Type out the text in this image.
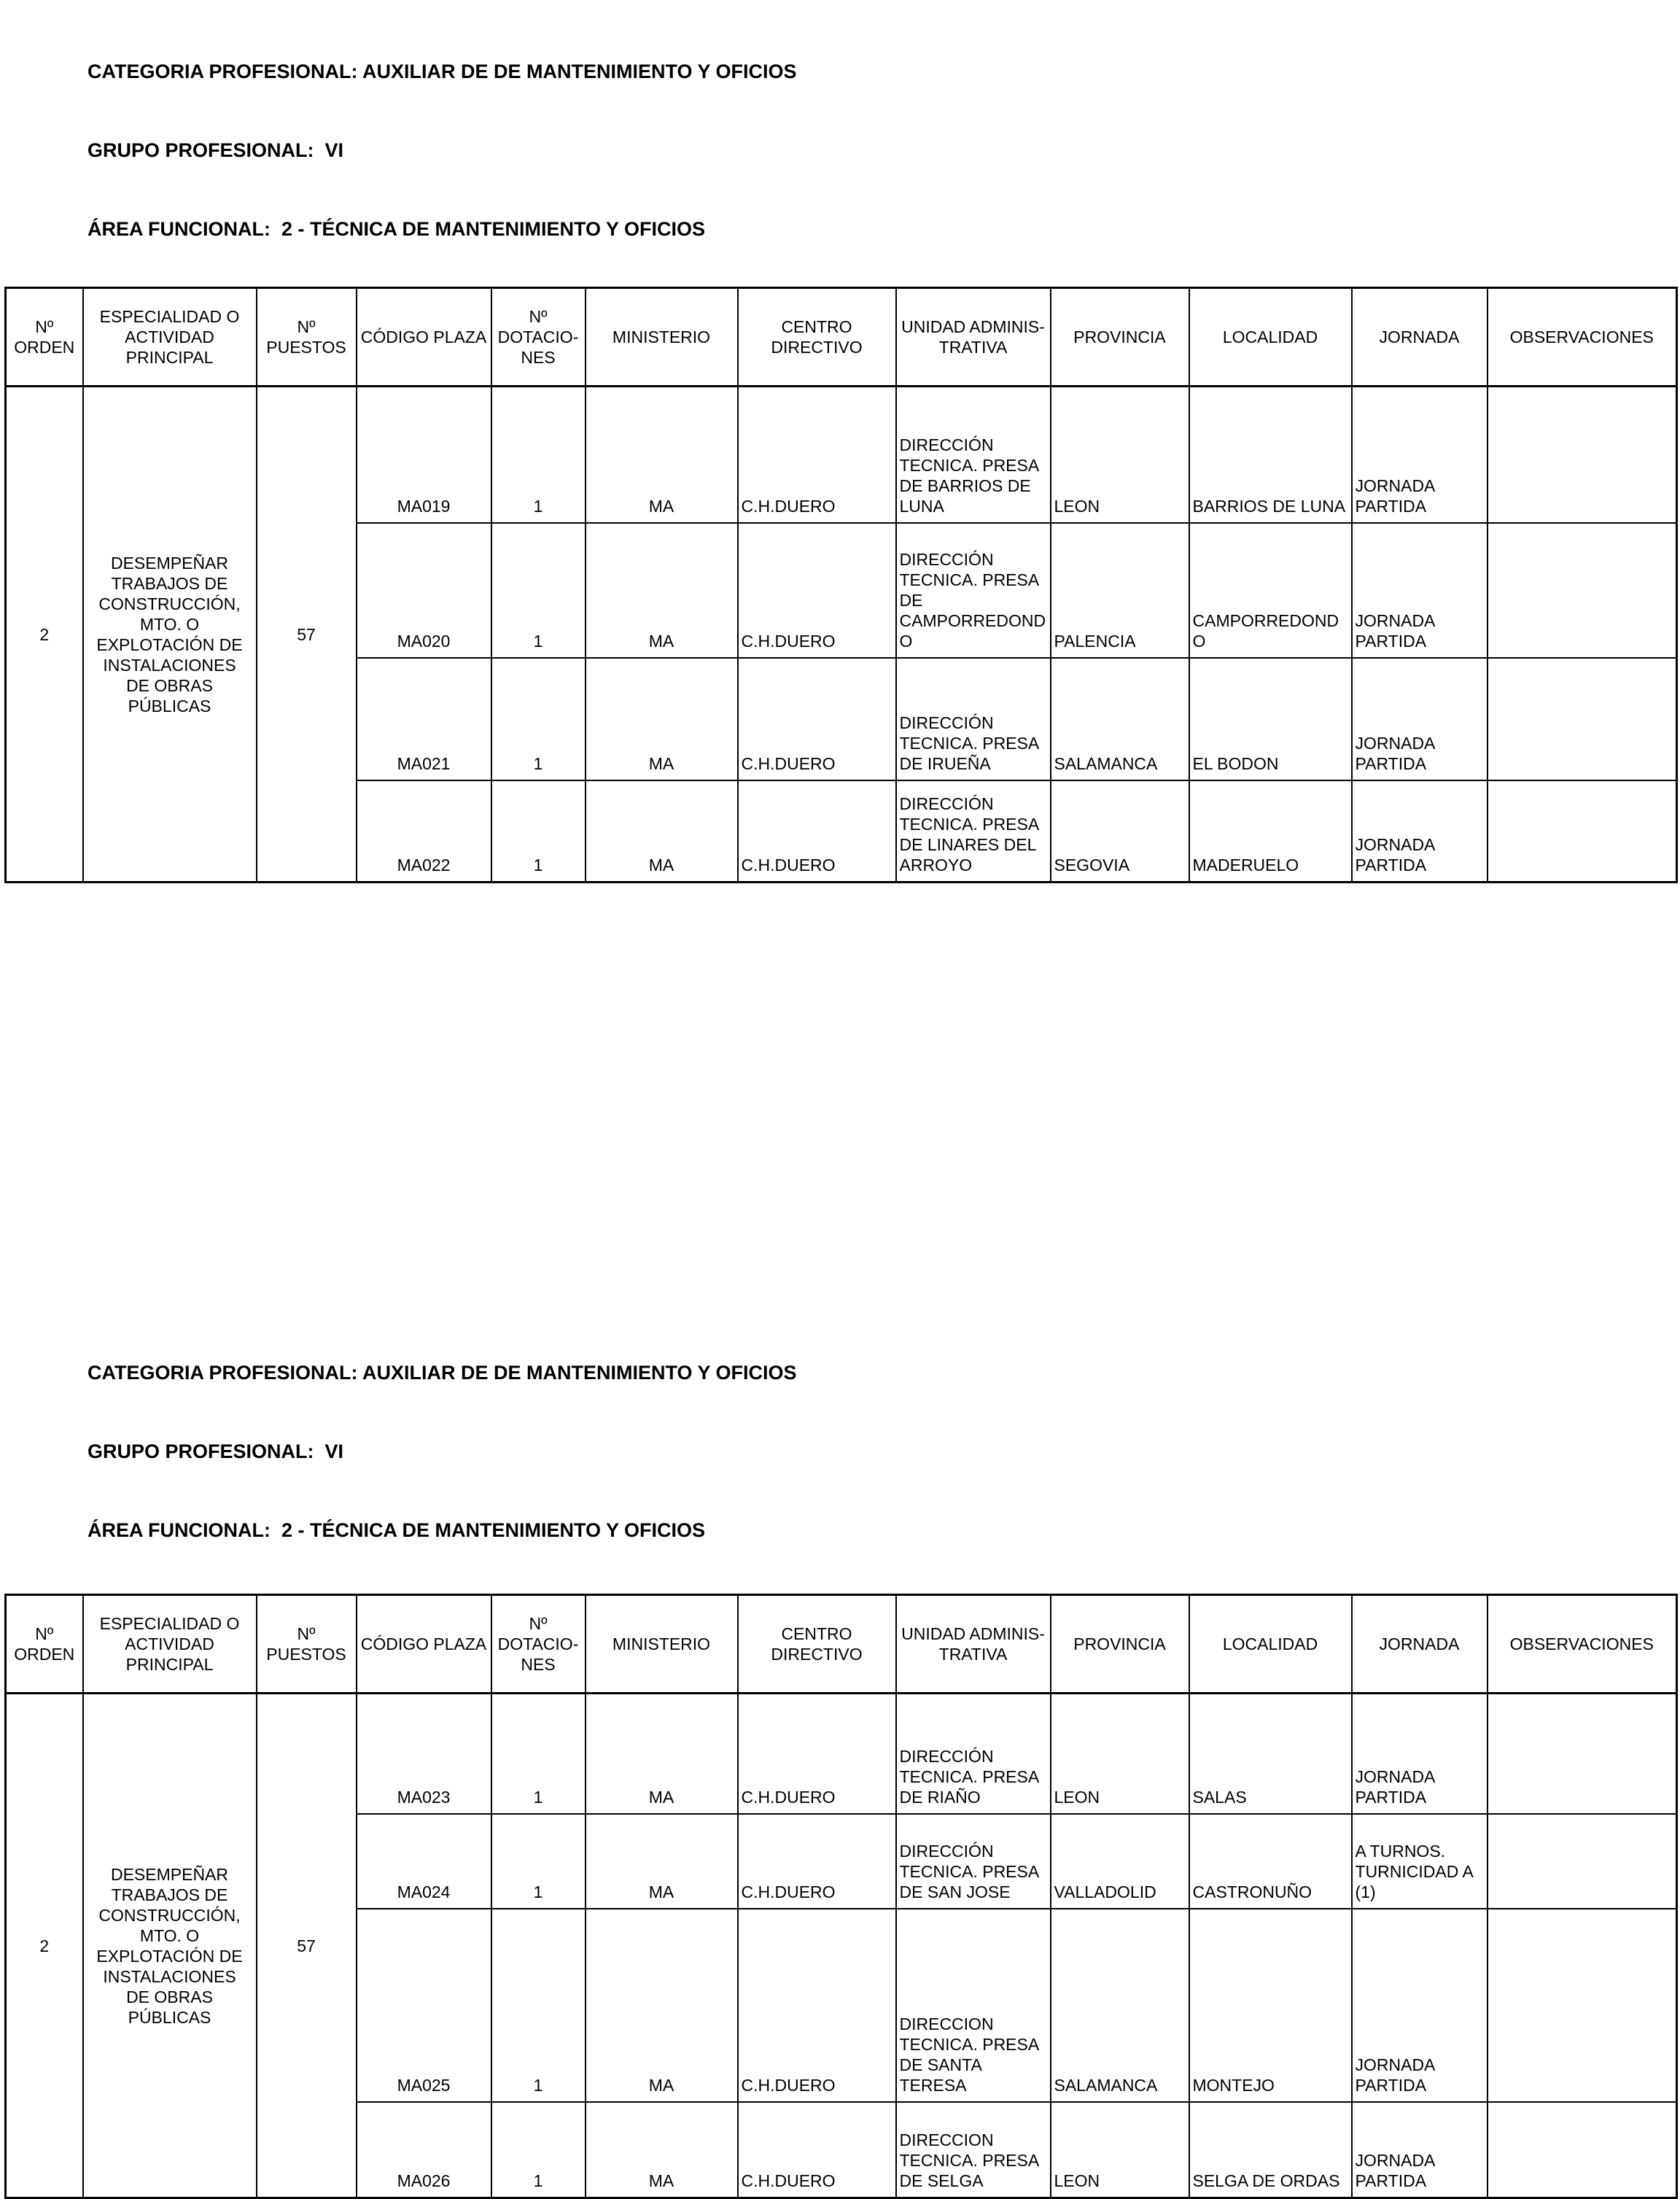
CATEGORIA PROFESIONAL: AUXILIAR DE DE MANTENIMIENTO Y OFICIOS

GRUPO PROFESIONAL:  VI

ÁREA FUNCIONAL:  2 - TÉCNICA DE MANTENIMIENTO Y OFICIOS

Nº ORDEN	ESPECIALIDAD O ACTIVIDAD PRINCIPAL	Nº PUESTOS	CÓDIGO PLAZA	Nº DOTACIO-NES	MINISTERIO	CENTRO DIRECTIVO	UNIDAD ADMINIS-TRATIVA	PROVINCIA	LOCALIDAD	JORNADA	OBSERVACIONES
2	DESEMPEÑAR TRABAJOS DE CONSTRUCCIÓN, MTO. O EXPLOTACIÓN DE INSTALACIONES DE OBRAS PÚBLICAS	57	MA019	1	MA	C.H.DUERO	DIRECCIÓN TECNICA. PRESA DE BARRIOS DE LUNA	LEON	BARRIOS DE LUNA	JORNADA PARTIDA	
			MA020	1	MA	C.H.DUERO	DIRECCIÓN TECNICA. PRESA DE CAMPORREDONDO	PALENCIA	CAMPORREDONDO	JORNADA PARTIDA	
			MA021	1	MA	C.H.DUERO	DIRECCIÓN TECNICA. PRESA DE IRUEÑA	SALAMANCA	EL BODON	JORNADA PARTIDA	
			MA022	1	MA	C.H.DUERO	DIRECCIÓN TECNICA. PRESA DE LINARES DEL ARROYO	SEGOVIA	MADERUELO	JORNADA PARTIDA	

CATEGORIA PROFESIONAL: AUXILIAR DE DE MANTENIMIENTO Y OFICIOS

GRUPO PROFESIONAL:  VI

ÁREA FUNCIONAL:  2 - TÉCNICA DE MANTENIMIENTO Y OFICIOS

Nº ORDEN	ESPECIALIDAD O ACTIVIDAD PRINCIPAL	Nº PUESTOS	CÓDIGO PLAZA	Nº DOTACIO-NES	MINISTERIO	CENTRO DIRECTIVO	UNIDAD ADMINIS-TRATIVA	PROVINCIA	LOCALIDAD	JORNADA	OBSERVACIONES
2	DESEMPEÑAR TRABAJOS DE CONSTRUCCIÓN, MTO. O EXPLOTACIÓN DE INSTALACIONES DE OBRAS PÚBLICAS	57	MA023	1	MA	C.H.DUERO	DIRECCIÓN TECNICA. PRESA DE RIAÑO	LEON	SALAS	JORNADA PARTIDA	
			MA024	1	MA	C.H.DUERO	DIRECCIÓN TECNICA. PRESA DE SAN JOSE	VALLADOLID	CASTRONUÑO	A TURNOS. TURNICIDAD A (1)	
			MA025	1	MA	C.H.DUERO	DIRECCION TECNICA. PRESA DE SANTA TERESA	SALAMANCA	MONTEJO	JORNADA PARTIDA	
			MA026	1	MA	C.H.DUERO	DIRECCION TECNICA. PRESA DE SELGA	LEON	SELGA DE ORDAS	JORNADA PARTIDA	
